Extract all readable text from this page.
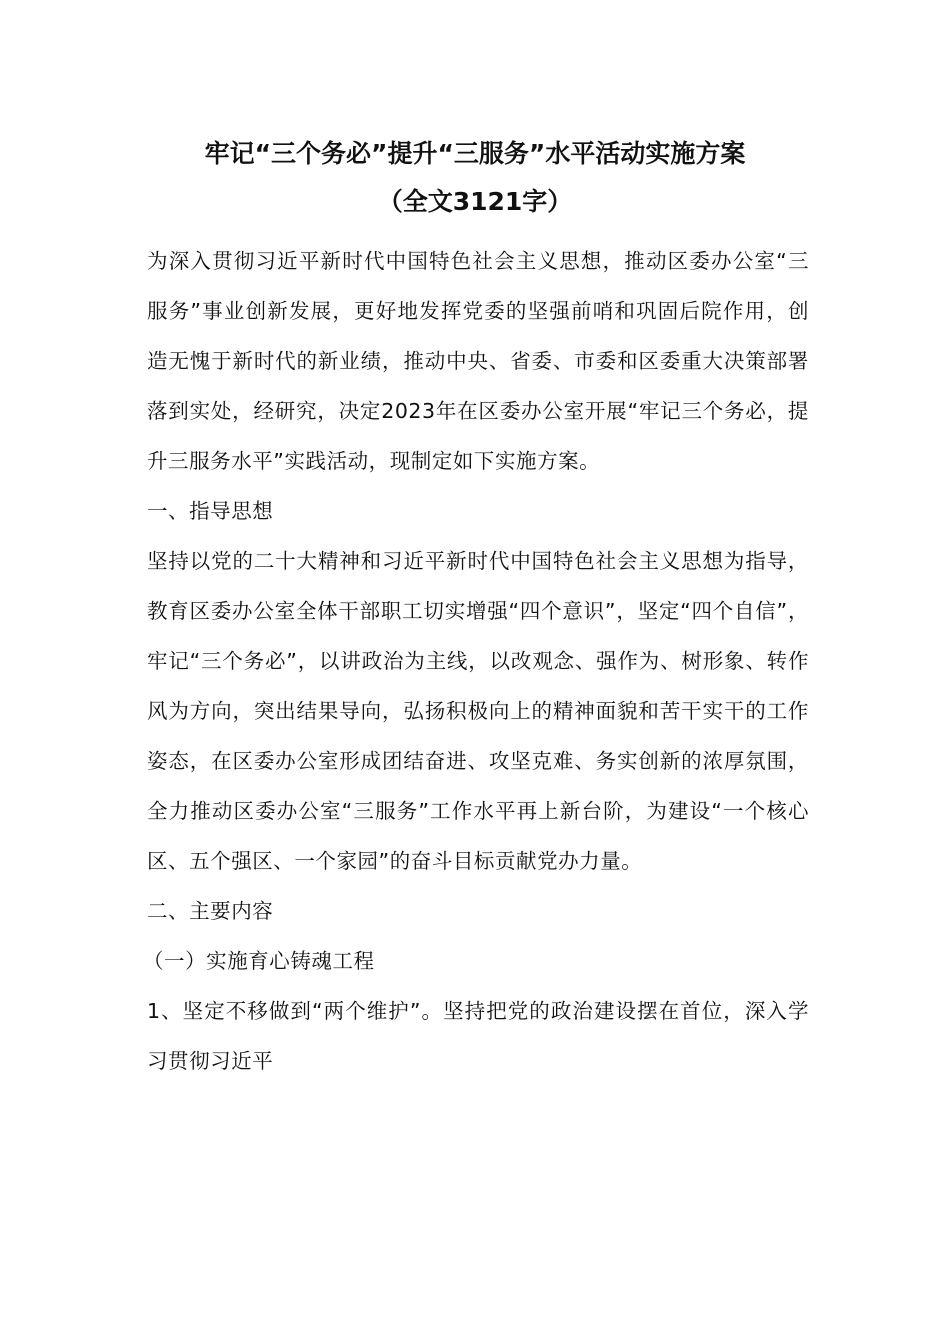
牢记“三个务必”提升“三服务”水平活动实施方案
（全文3121字）

为深入贯彻习近平新时代中国特色社会主义思想，推动区委办公室“三服务”事业创新发展，更好地发挥党委的坚强前哨和巩固后院作用，创造无愧于新时代的新业绩，推动中央、省委、市委和区委重大决策部署落到实处，经研究，决定2023年在区委办公室开展“牢记三个务必，提升三服务水平”实践活动，现制定如下实施方案。

一、指导思想

坚持以党的二十大精神和习近平新时代中国特色社会主义思想为指导，教育区委办公室全体干部职工切实增强“四个意识”，坚定“四个自信”，牢记“三个务必”，以讲政治为主线，以改观念、强作为、树形象、转作风为方向，突出结果导向，弘扬积极向上的精神面貌和苦干实干的工作姿态，在区委办公室形成团结奋进、攻坚克难、务实创新的浓厚氛围，全力推动区委办公室“三服务”工作水平再上新台阶，为建设“一个核心区、五个强区、一个家园”的奋斗目标贡献党办力量。

二、主要内容

（一）实施育心铸魂工程

1、坚定不移做到“两个维护”。坚持把党的政治建设摆在首位，深入学习贯彻习近平
